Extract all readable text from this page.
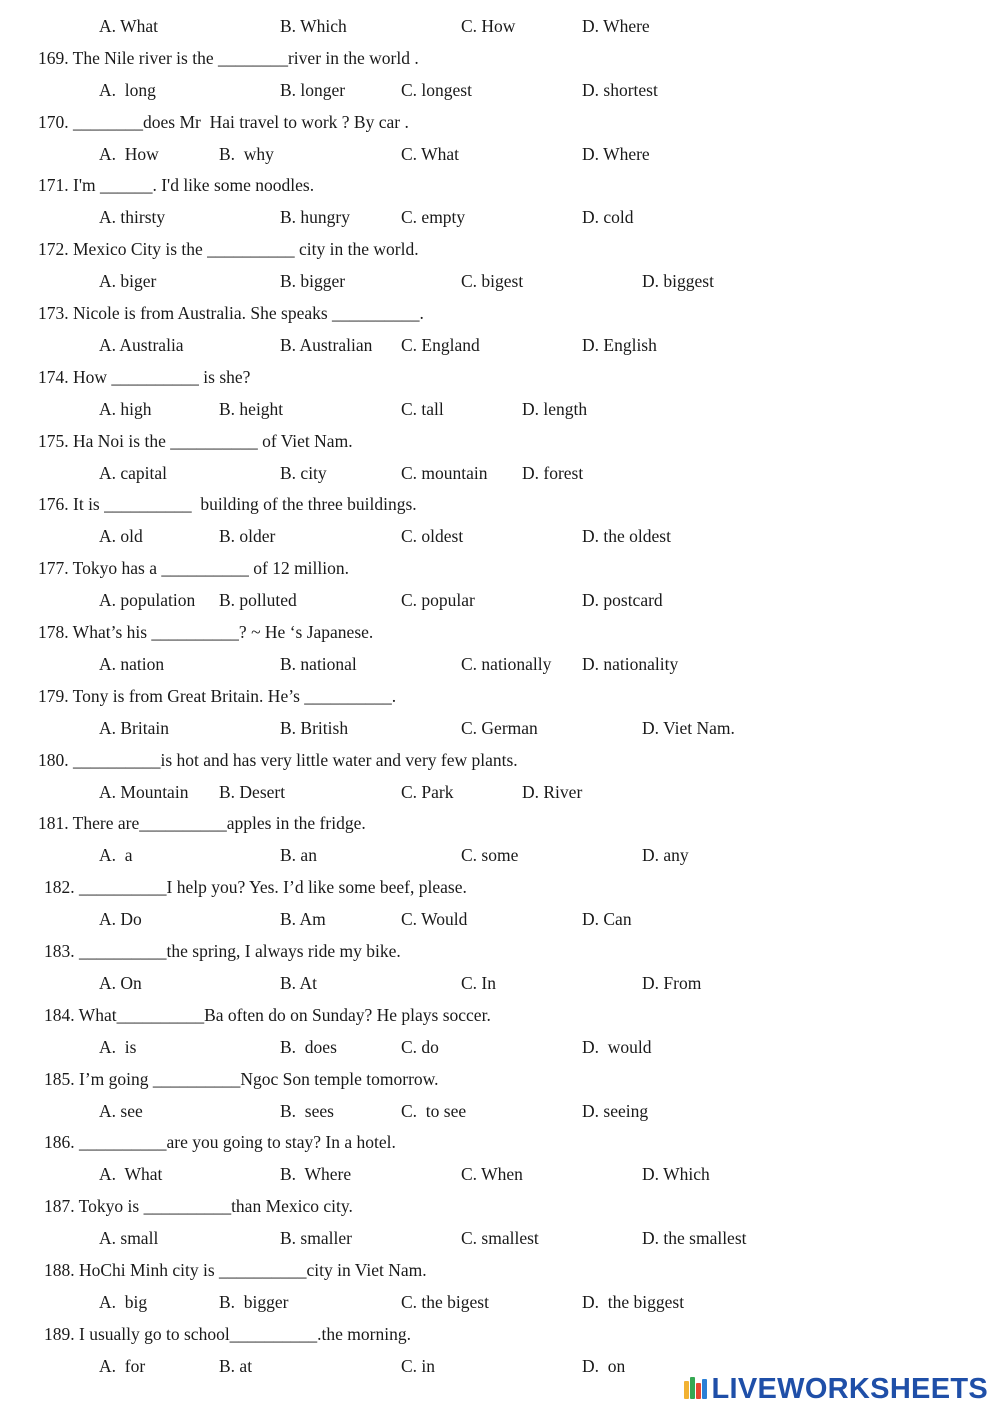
A. What	B. Which	C. How	D. Where
169. The Nile river is the ________river in the world .
A.  long	B. longer	C. longest	D. shortest
170. ________does Mr  Hai travel to work ? By car .
A.  How	B.  why	C. What	D. Where
171. I'm ______. I'd like some noodles.
A. thirsty	B. hungry	C. empty	D. cold
172. Mexico City is the __________ city in the world.
A. biger	B. bigger	C. bigest	D. biggest
173. Nicole is from Australia. She speaks __________.
A. Australia	B. Australian C. England	D. English
174. How __________ is she?
A. high	B. height	C. tall	D. length
175. Ha Noi is the __________ of Viet Nam.
A. capital	B. city	C. mountain D. forest
176. It is __________  building of the three buildings.
A. old	B. older	C. oldest	D. the oldest
177. Tokyo has a __________ of 12 million.
A. population B. polluted	C. popular	D. postcard
178. What’s his __________? ~ He ‘s Japanese.
A. nation	B. national	C. nationally D. nationality
179. Tony is from Great Britain. He’s __________.
A. Britain	B. British	C. German	D. Viet Nam.
180. __________is hot and has very little water and very few plants.
A. Mountain B. Desert	C. Park	D. River
181. There are__________apples in the fridge.
A.  a	B. an	C. some	D. any
182. __________I help you? Yes. I’d like some beef, please.
A. Do	B. Am	C. Would	D. Can
183. __________the spring, I always ride my bike.
A. On	B. At	C. In	D. From
184. What__________Ba often do on Sunday? He plays soccer.
A.  is	B.  does	C. do	D.  would
185. I’m going __________Ngoc Son temple tomorrow.
A. see	B.  sees	C.  to see	D. seeing
186. __________are you going to stay? In a hotel.
A.  What	B.  Where	C. When	D. Which
187. Tokyo is __________than Mexico city.
A. small	B. smaller	C. smallest	D. the smallest
188. HoChi Minh city is __________city in Viet Nam.
A.  big	B.  bigger	C. the bigest	D.  the biggest
189. I usually go to school__________.the morning.
A.  for	B. at	C. in	D.  on
LIVEWORKSHEETS
